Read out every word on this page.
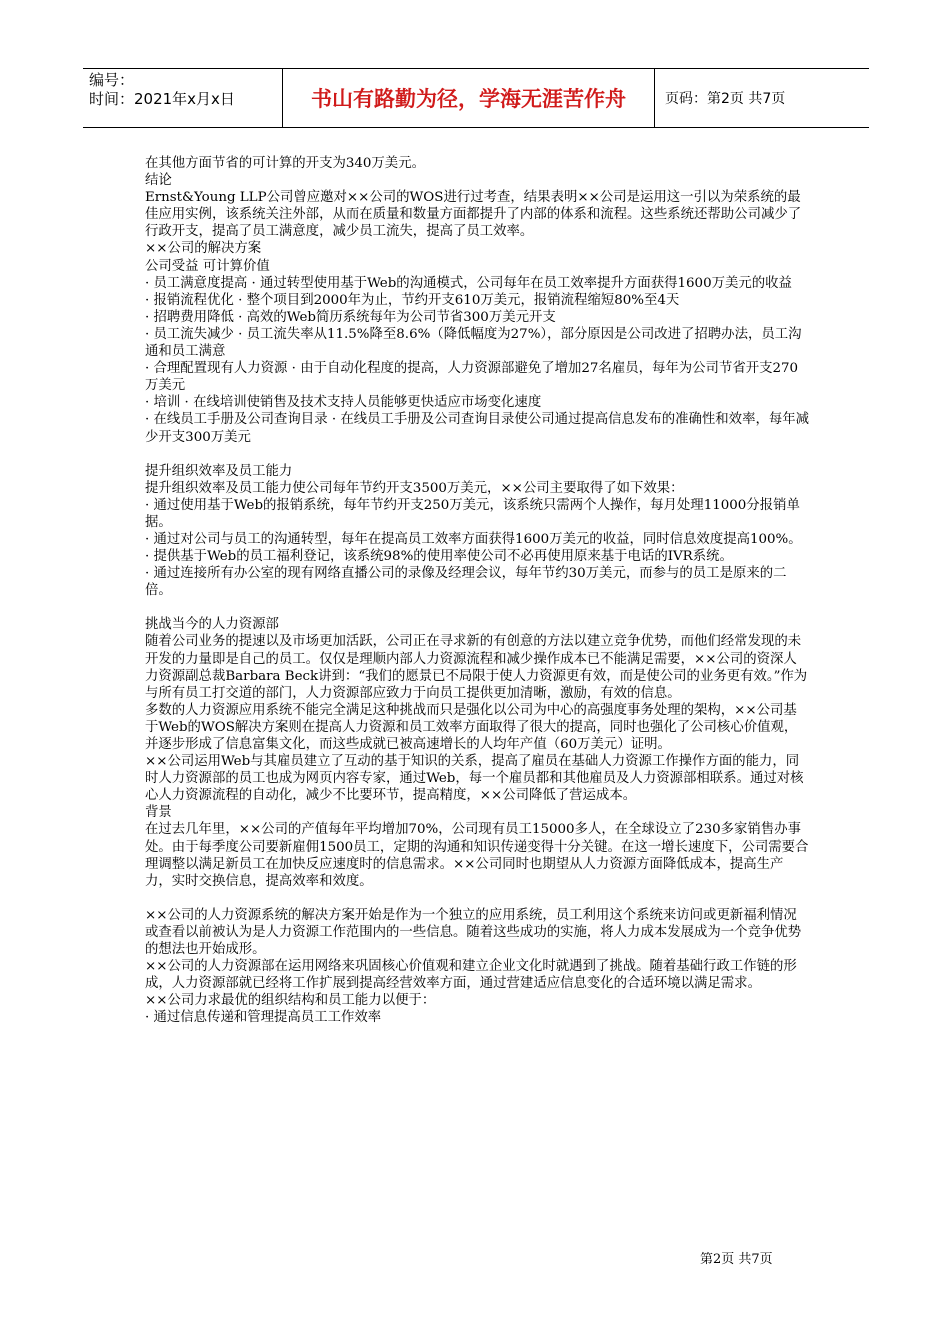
编号：
时间：2021年x月x日	书山有路勤为径，学海无涯苦作舟	页码：第2页 共7页

在其他方面节省的可计算的开支为340万美元。

结论

Ernst&Young LLP公司曾应邀对××公司的WOS进行过考查，结果表明××公司是运用这一引以为荣系统的最佳应用实例，该系统关注外部，从而在质量和数量方面都提升了内部的体系和流程。这些系统还帮助公司减少了行政开支，提高了员工满意度，减少员工流失，提高了员工效率。

××公司的解决方案

公司受益 可计算价值

· 员工满意度提高 · 通过转型使用基于Web的沟通模式，公司每年在员工效率提升方面获得1600万美元的收益

· 报销流程优化 · 整个项目到2000年为止，节约开支610万美元，报销流程缩短80%至4天

· 招聘费用降低 · 高效的Web简历系统每年为公司节省300万美元开支

· 员工流失减少 · 员工流失率从11.5%降至8.6%（降低幅度为27%），部分原因是公司改进了招聘办法，员工沟通和员工满意

· 合理配置现有人力资源 · 由于自动化程度的提高，人力资源部避免了增加27名雇员，每年为公司节省开支270万美元

· 培训 · 在线培训使销售及技术支持人员能够更快适应市场变化速度

· 在线员工手册及公司查询目录 · 在线员工手册及公司查询目录使公司通过提高信息发布的准确性和效率，每年减少开支300万美元

提升组织效率及员工能力

提升组织效率及员工能力使公司每年节约开支3500万美元，××公司主要取得了如下效果：

· 通过使用基于Web的报销系统，每年节约开支250万美元，该系统只需两个人操作，每月处理11000分报销单据。

· 通过对公司与员工的沟通转型，每年在提高员工效率方面获得1600万美元的收益，同时信息效度提高100%。

· 提供基于Web的员工福利登记，该系统98%的使用率使公司不必再使用原来基于电话的IVR系统。

· 通过连接所有办公室的现有网络直播公司的录像及经理会议，每年节约30万美元，而参与的员工是原来的二倍。

挑战当今的人力资源部

随着公司业务的提速以及市场更加活跃，公司正在寻求新的有创意的方法以建立竞争优势，而他们经常发现的未开发的力量即是自己的员工。仅仅是理顺内部人力资源流程和减少操作成本已不能满足需要，××公司的资深人力资源副总裁Barbara Beck讲到：“我们的愿景已不局限于使人力资源更有效，而是使公司的业务更有效。”作为与所有员工打交道的部门，人力资源部应致力于向员工提供更加清晰，激励，有效的信息。

多数的人力资源应用系统不能完全满足这种挑战而只是强化以公司为中心的高强度事务处理的架构，××公司基于Web的WOS解决方案则在提高人力资源和员工效率方面取得了很大的提高，同时也强化了公司核心价值观，并逐步形成了信息富集文化，而这些成就已被高速增长的人均年产值（60万美元）证明。

××公司运用Web与其雇员建立了互动的基于知识的关系，提高了雇员在基础人力资源工作操作方面的能力，同时人力资源部的员工也成为网页内容专家，通过Web，每一个雇员都和其他雇员及人力资源部相联系。通过对核心人力资源流程的自动化，减少不比要环节，提高精度，××公司降低了营运成本。

背景

在过去几年里，××公司的产值每年平均增加70%，公司现有员工15000多人，在全球设立了230多家销售办事处。由于每季度公司要新雇佣1500员工，定期的沟通和知识传递变得十分关键。在这一增长速度下，公司需要合理调整以满足新员工在加快反应速度时的信息需求。××公司同时也期望从人力资源方面降低成本，提高生产力，实时交换信息，提高效率和效度。

××公司的人力资源系统的解决方案开始是作为一个独立的应用系统，员工利用这个系统来访问或更新福利情况或查看以前被认为是人力资源工作范围内的一些信息。随着这些成功的实施，将人力成本发展成为一个竞争优势的想法也开始成形。

××公司的人力资源部在运用网络来巩固核心价值观和建立企业文化时就遇到了挑战。随着基础行政工作链的形成，人力资源部就已经将工作扩展到提高经营效率方面，通过营建适应信息变化的合适环境以满足需求。

××公司力求最优的组织结构和员工能力以便于：

· 通过信息传递和管理提高员工工作效率

第2页 共7页
